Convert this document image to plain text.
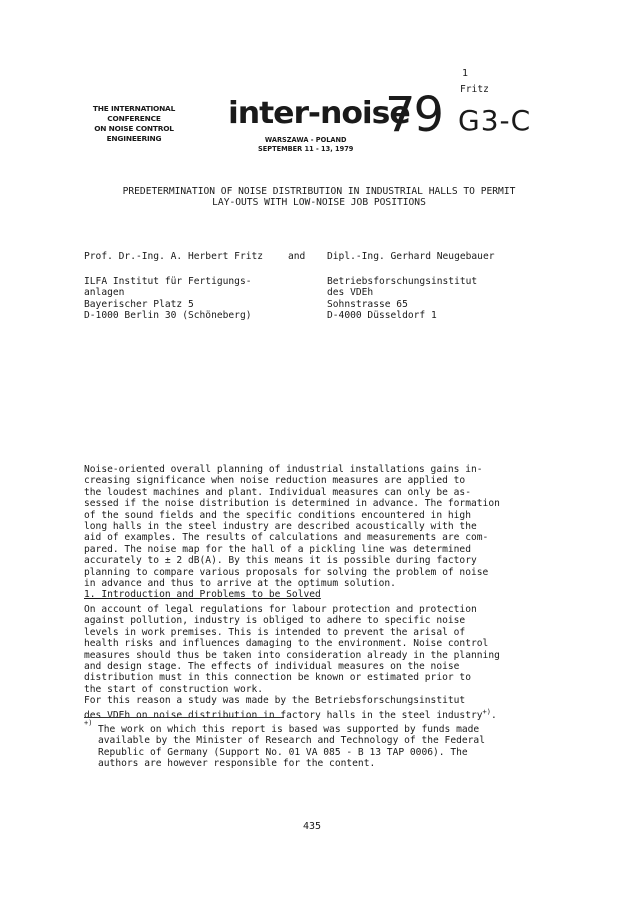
1
Fritz
THE INTERNATIONAL
CONFERENCE
ON NOISE CONTROL
ENGINEERING
inter-noise
79
WARSZAWA - POLAND
SEPTEMBER 11 - 13, 1979
G3-C
PREDETERMINATION OF NOISE DISTRIBUTION IN INDUSTRIAL HALLS TO PERMIT
LAY-OUTS WITH LOW-NOISE JOB POSITIONS
Prof. Dr.-Ing. A. Herbert Fritz	and Dipl.-Ing. Gerhard Neugebauer
ILFA Institut für Fertigungs-
anlagen
Bayerischer Platz 5
D-1000 Berlin 30 (Schöneberg)
Betriebsforschungsinstitut
des VDEh
Sohnstrasse 65
D-4000 Düsseldorf 1
Noise-oriented overall planning of industrial installations gains in-
creasing significance when noise reduction measures are applied to
the loudest machines and plant. Individual measures can only be as-
sessed if the noise distribution is determined in advance. The formation
of the sound fields and the specific conditions encountered in high
long halls in the steel industry are described acoustically with the
aid of examples. The results of calculations and measurements are com-
pared. The noise map for the hall of a pickling line was determined
accurately to ± 2 dB(A). By this means it is possible during factory
planning to compare various proposals for solving the problem of noise
in advance and thus to arrive at the optimum solution.
1. Introduction and Problems to be Solved
On account of legal regulations for labour protection and protection
against pollution, industry is obliged to adhere to specific noise
levels in work premises. This is intended to prevent the arisal of
health risks and influences damaging to the environment. Noise control
measures should thus be taken into consideration already in the planning
and design stage. The effects of individual measures on the noise
distribution must in this connection be known or estimated prior to
the start of construction work.
For this reason a study was made by the Betriebsforschungsinstitut
des VDEh on noise distribution in factory halls in the steel industry+).
+)
The work on which this report is based was supported by funds made
available by the Minister of Research and Technology of the Federal
Republic of Germany (Support No. 01 VA 085 - B 13 TAP 0006). The
authors are however responsible for the content.
435
